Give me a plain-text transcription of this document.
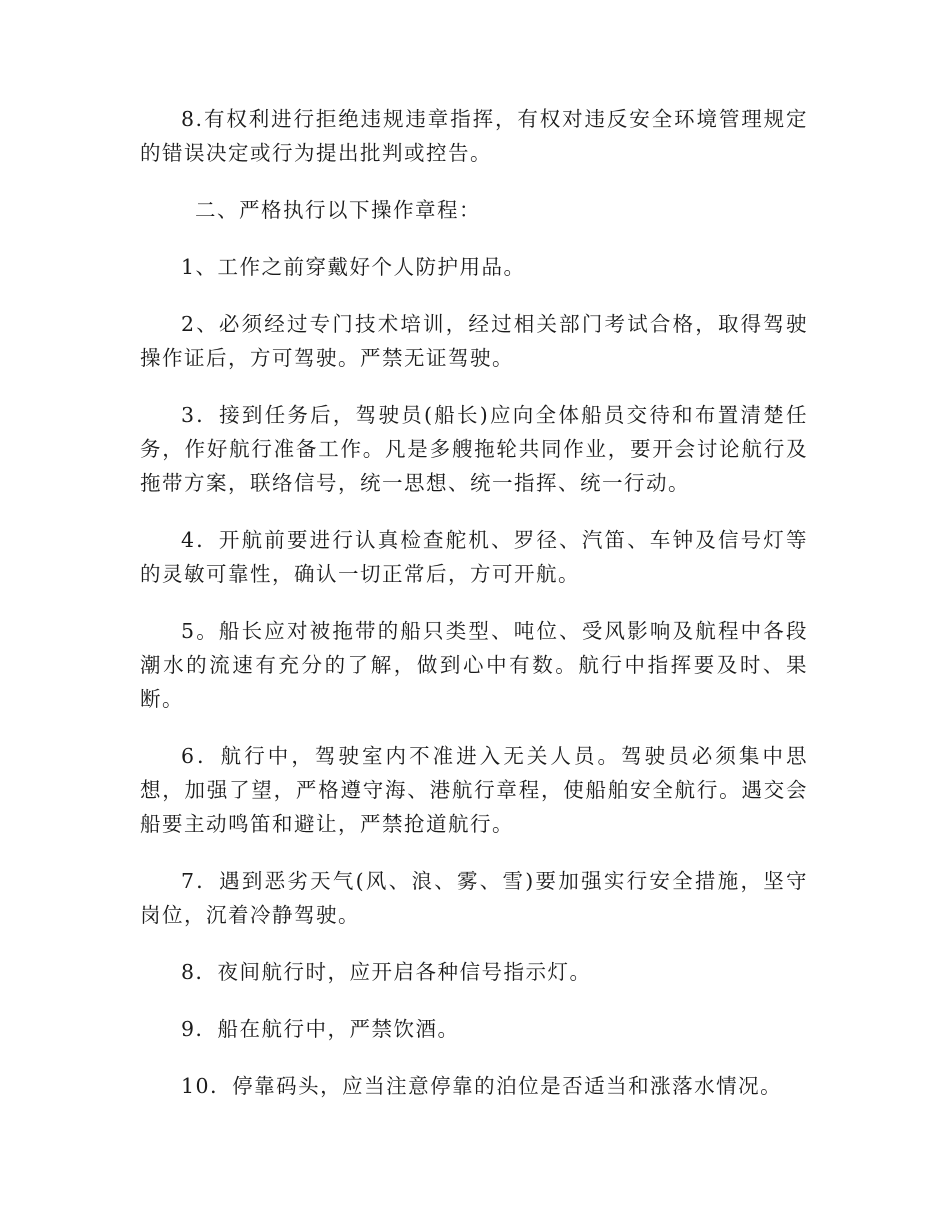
8.有权利进行拒绝违规违章指挥，有权对违反安全环境管理规定的错误决定或行为提出批判或控告。

二、严格执行以下操作章程：

1、工作之前穿戴好个人防护用品。

2、必须经过专门技术培训，经过相关部门考试合格，取得驾驶操作证后，方可驾驶。严禁无证驾驶。

3．接到任务后，驾驶员(船长)应向全体船员交待和布置清楚任务，作好航行准备工作。凡是多艘拖轮共同作业，要开会讨论航行及拖带方案，联络信号，统一思想、统一指挥、统一行动。

4．开航前要进行认真检查舵机、罗径、汽笛、车钟及信号灯等的灵敏可靠性，确认一切正常后，方可开航。

5。船长应对被拖带的船只类型、吨位、受风影响及航程中各段潮水的流速有充分的了解，做到心中有数。航行中指挥要及时、果断。

6．航行中，驾驶室内不准进入无关人员。驾驶员必须集中思想，加强了望，严格遵守海、港航行章程，使船舶安全航行。遇交会船要主动鸣笛和避让，严禁抢道航行。

7．遇到恶劣天气(风、浪、雾、雪)要加强实行安全措施，坚守岗位，沉着冷静驾驶。

8．夜间航行时，应开启各种信号指示灯。

9．船在航行中，严禁饮酒。

10．停靠码头，应当注意停靠的泊位是否适当和涨落水情况。
